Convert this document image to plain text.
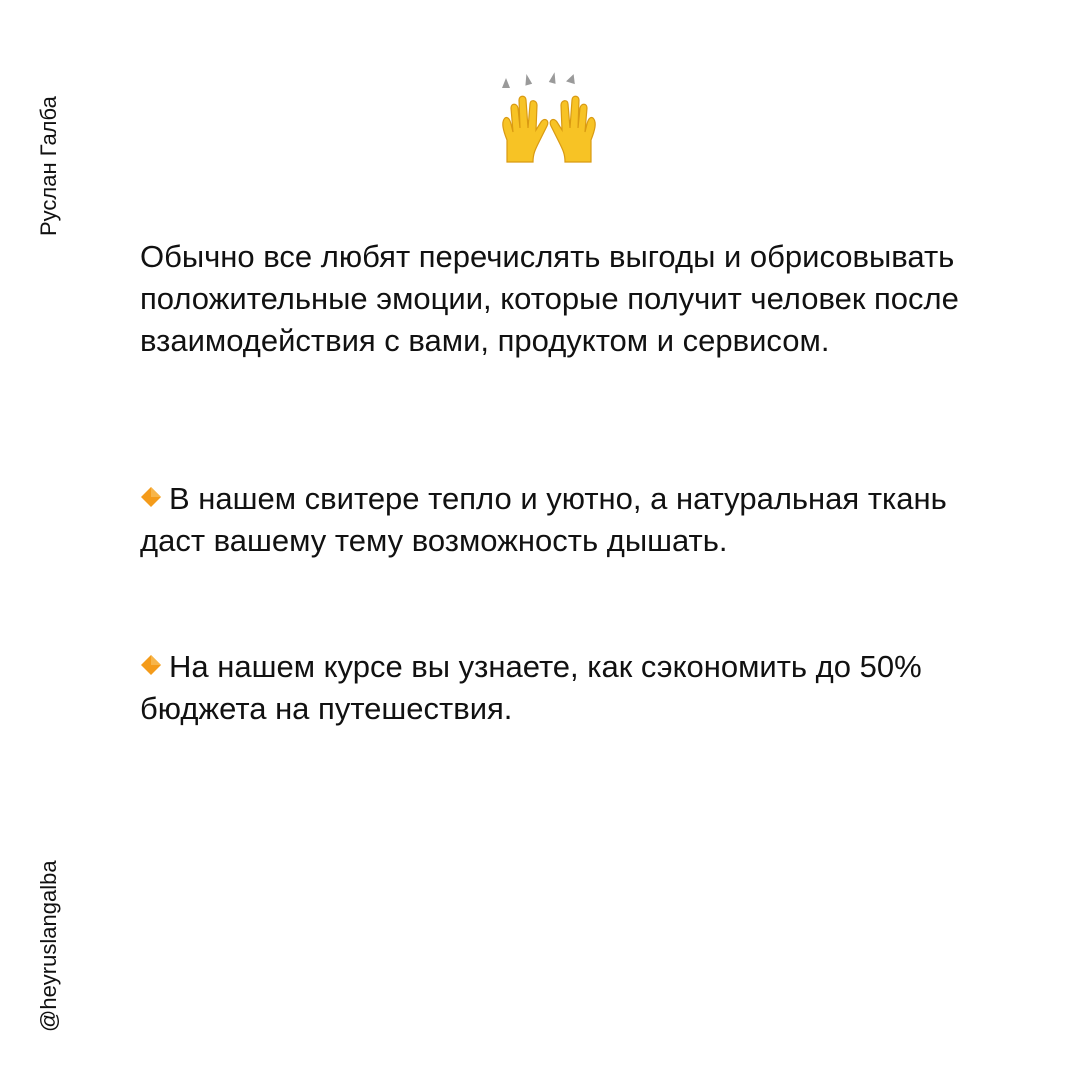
Руслан Галба
@heyruslangalba

Обычно все любят перечислять выгоды и обрисовывать положительные эмоции, которые получит человек после взаимодействия с вами, продуктом и сервисом.

В нашем свитере тепло и уютно, а натуральная ткань даст вашему тему возможность дышать.

На нашем курсе вы узнаете, как сэкономить до 50% бюджета на путешествия.
